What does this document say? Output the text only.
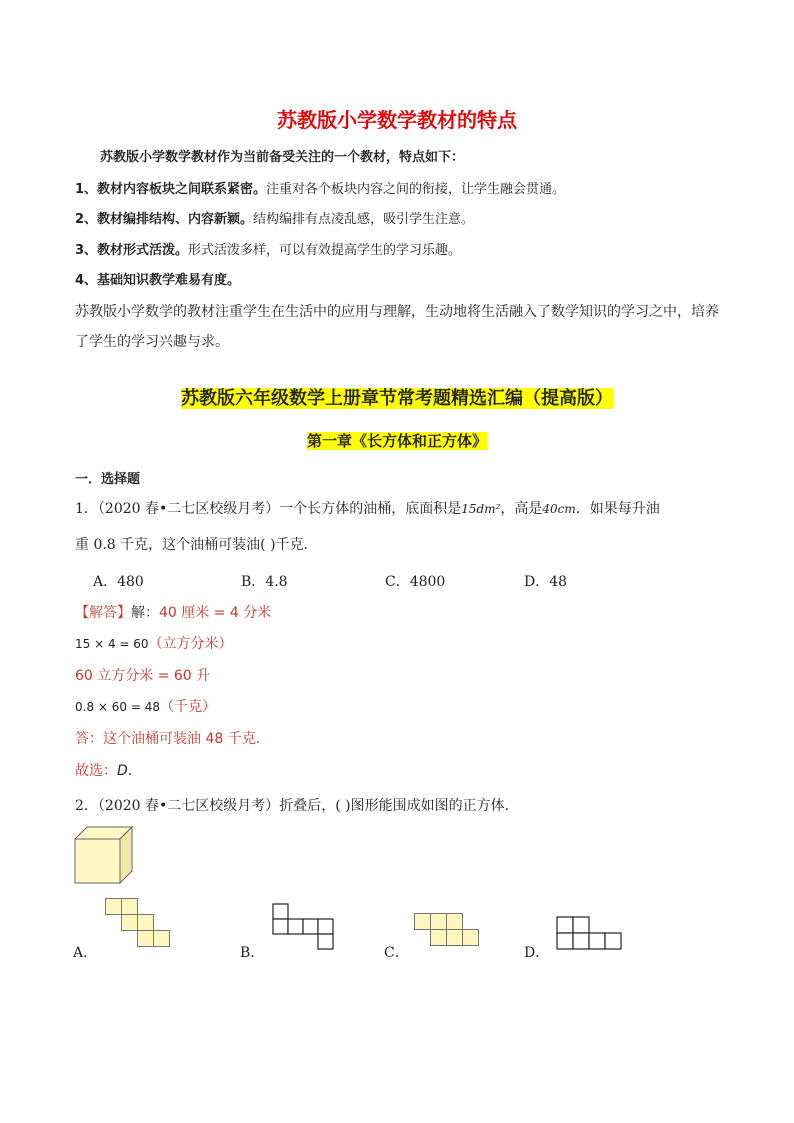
苏教版小学数学教材的特点
苏教版小学数学教材作为当前备受关注的一个教材，特点如下：
1、教材内容板块之间联系紧密。注重对各个板块内容之间的衔接，让学生融会贯通。
2、教材编排结构、内容新颖。结构编排有点凌乱感，吸引学生注意。
3、教材形式活泼。形式活泼多样，可以有效提高学生的学习乐趣。
4、基础知识教学难易有度。
苏教版小学数学的教材注重学生在生活中的应用与理解，生动地将生活融入了数学知识的学习之中，培养
了学生的学习兴趣与求。
苏教版六年级数学上册章节常考题精选汇编（提高版）
第一章《长方体和正方体》
一．选择题
1．（2020 春•二七区校级月考）一个长方体的油桶，底面积是15dm²，高是40cm．如果每升油
重 0.8 千克，这个油桶可装油( )千克．
A．480	B．4.8	C．4800	D．48
【解答】解：40 厘米 = 4 分米
15 × 4 = 60（立方分米）
60 立方分米 = 60 升
0.8 × 60 = 48（千克）
答：这个油桶可装油 48 千克．
故选：D．
2．（2020 春•二七区校级月考）折叠后，( )图形能围成如图的正方体．
A．	B．	C．	D．
